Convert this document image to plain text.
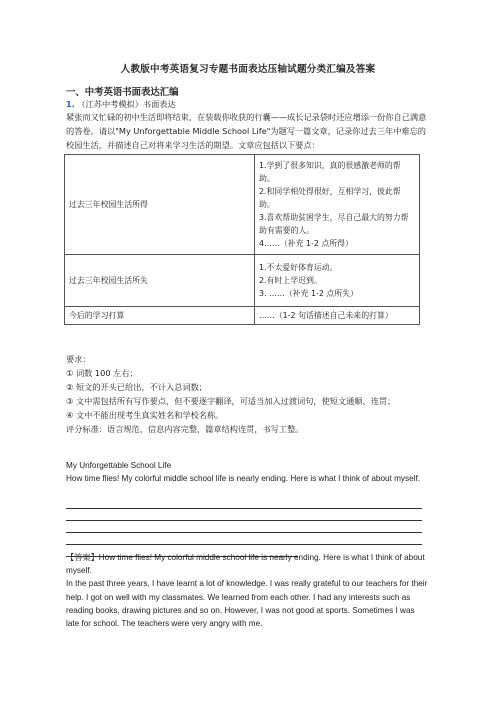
人教版中考英语复习专题书面表达压轴试题分类汇编及答案
一、中考英语书面表达汇编
1. （江苏中考模拟）书面表达
紧张而又忙碌的初中生活即将结束，在装载你收获的行囊——成长记录袋时还应增添一份你自己满意的答卷。请以"My Unforgettable Middle School Life"为题写一篇文章，记录你过去三年中难忘的校园生活，并描述自己对将来学习生活的期望。文章应包括以下要点：
过去三年校园生活所得	1.学到了很多知识，真的很感激老师的帮助。
2.和同学相处得很好，互相学习，彼此帮助。
3.喜欢帮助贫困学生，尽自己最大的努力帮助有需要的人。
4……（补充 1-2 点所得）

过去三年校园生活所失	1.不太爱好体育运动。
2.有时上学迟到。
3. ……（补充 1-2 点所失）

今后的学习打算	……（1-2 句话描述自己未来的打算）
要求：
① 词数 100 左右；
② 短文的开头已给出，不计入总词数；
③ 文中需包括所有写作要点，但不要逐字翻译，可适当加入过渡词句，使短文通顺、连贯；
④ 文中不能出现考生真实姓名和学校名称。
评分标准：语言规范，信息内容完整，篇章结构连贯，书写工整。
My Unforgettable School Life
How time flies! My colorful middle school life is nearly ending. Here is what I think of about myself.
【答案】How time flies! My colorful middle school life is nearly ending. Here is what I think of about myself.
In the past three years, I have learnt a lot of knowledge. I was really grateful to our teachers for their help. I got on well with my classmates. We learned from each other. I had any interests such as reading books, drawing pictures and so on. However, I was not good at sports. Sometimes I was late for school. The teachers were very angry with me.
